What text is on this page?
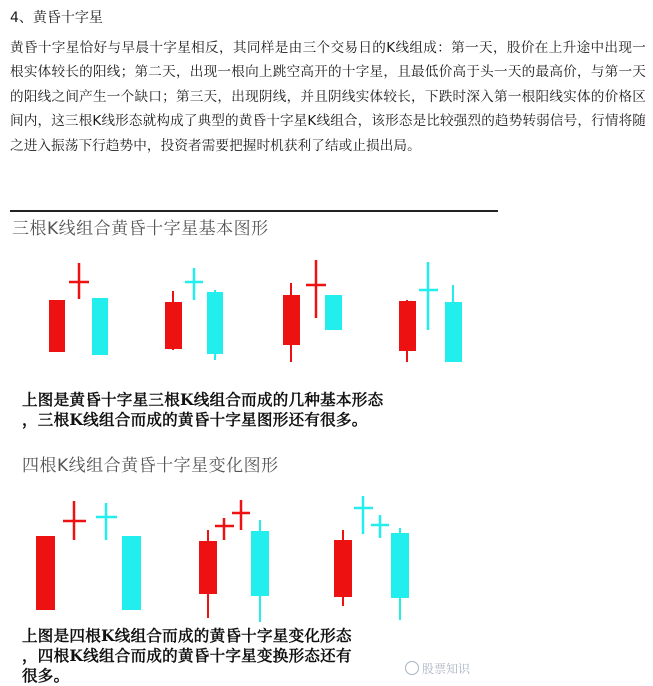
4、黄昏十字星
黄昏十字星恰好与早晨十字星相反，其同样是由三个交易日的K线组成：第一天，股价在上升途中出现一根实体较长的阳线；第二天，出现一根向上跳空高开的十字星，且最低价高于头一天的最高价，与第一天的阳线之间产生一个缺口；第三天，出现阴线，并且阴线实体较长，下跌时深入第一根阳线实体的价格区间内，这三根K线形态就构成了典型的黄昏十字星K线组合，该形态是比较强烈的趋势转弱信号，行情将随之进入振荡下行趋势中，投资者需要把握时机获利了结或止损出局。
三根K线组合黄昏十字星基本图形
上图是黄昏十字星三根K线组合而成的几种基本形态
，三根K线组合而成的黄昏十字星图形还有很多。
四根K线组合黄昏十字星变化图形
上图是四根K线组合而成的黄昏十字星变化形态
，四根K线组合而成的黄昏十字星变换形态还有
很多。	股票知识
